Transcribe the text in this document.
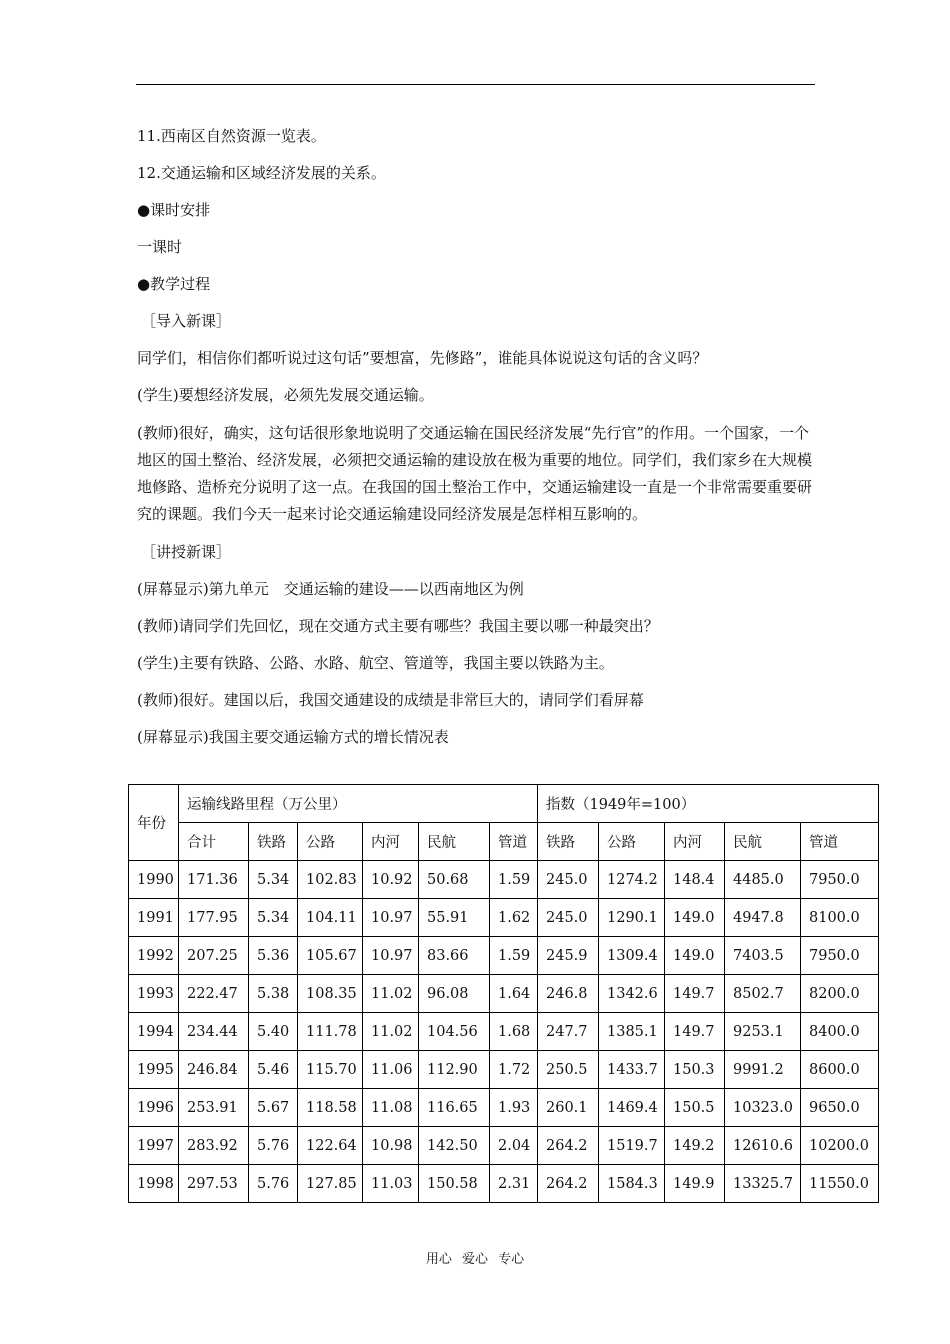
11.西南区自然资源一览表。

12.交通运输和区域经济发展的关系。

●课时安排

一课时

●教学过程

［导入新课］

同学们，相信你们都听说过这句话”要想富，先修路”，谁能具体说说这句话的含义吗？

(学生)要想经济发展，必须先发展交通运输。

(教师)很好，确实，这句话很形象地说明了交通运输在国民经济发展“先行官”的作用。一个国家，一个地区的国土整治、经济发展，必须把交通运输的建设放在极为重要的地位。同学们，我们家乡在大规模地修路、造桥充分说明了这一点。在我国的国土整治工作中，交通运输建设一直是一个非常需要重要研究的课题。我们今天一起来讨论交通运输建设同经济发展是怎样相互影响的。

［讲授新课］

(屏幕显示)第九单元　交通运输的建设——以西南地区为例

(教师)请同学们先回忆，现在交通方式主要有哪些？我国主要以哪一种最突出？

(学生)主要有铁路、公路、水路、航空、管道等，我国主要以铁路为主。

(教师)很好。建国以后，我国交通建设的成绩是非常巨大的，请同学们看屏幕

(屏幕显示)我国主要交通运输方式的增长情况表

年份	运输线路里程（万公里）						指数（1949年=100）				
	合计	铁路	公路	内河	民航	管道	铁路	公路	内河	民航	管道
1990	171.36	5.34	102.83	10.92	50.68	1.59	245.0	1274.2	148.4	4485.0	7950.0
1991	177.95	5.34	104.11	10.97	55.91	1.62	245.0	1290.1	149.0	4947.8	8100.0
1992	207.25	5.36	105.67	10.97	83.66	1.59	245.9	1309.4	149.0	7403.5	7950.0
1993	222.47	5.38	108.35	11.02	96.08	1.64	246.8	1342.6	149.7	8502.7	8200.0
1994	234.44	5.40	111.78	11.02	104.56	1.68	247.7	1385.1	149.7	9253.1	8400.0
1995	246.84	5.46	115.70	11.06	112.90	1.72	250.5	1433.7	150.3	9991.2	8600.0
1996	253.91	5.67	118.58	11.08	116.65	1.93	260.1	1469.4	150.5	10323.0	9650.0
1997	283.92	5.76	122.64	10.98	142.50	2.04	264.2	1519.7	149.2	12610.6	10200.0
1998	297.53	5.76	127.85	11.03	150.58	2.31	264.2	1584.3	149.9	13325.7	11550.0
用心 爱心 专心
